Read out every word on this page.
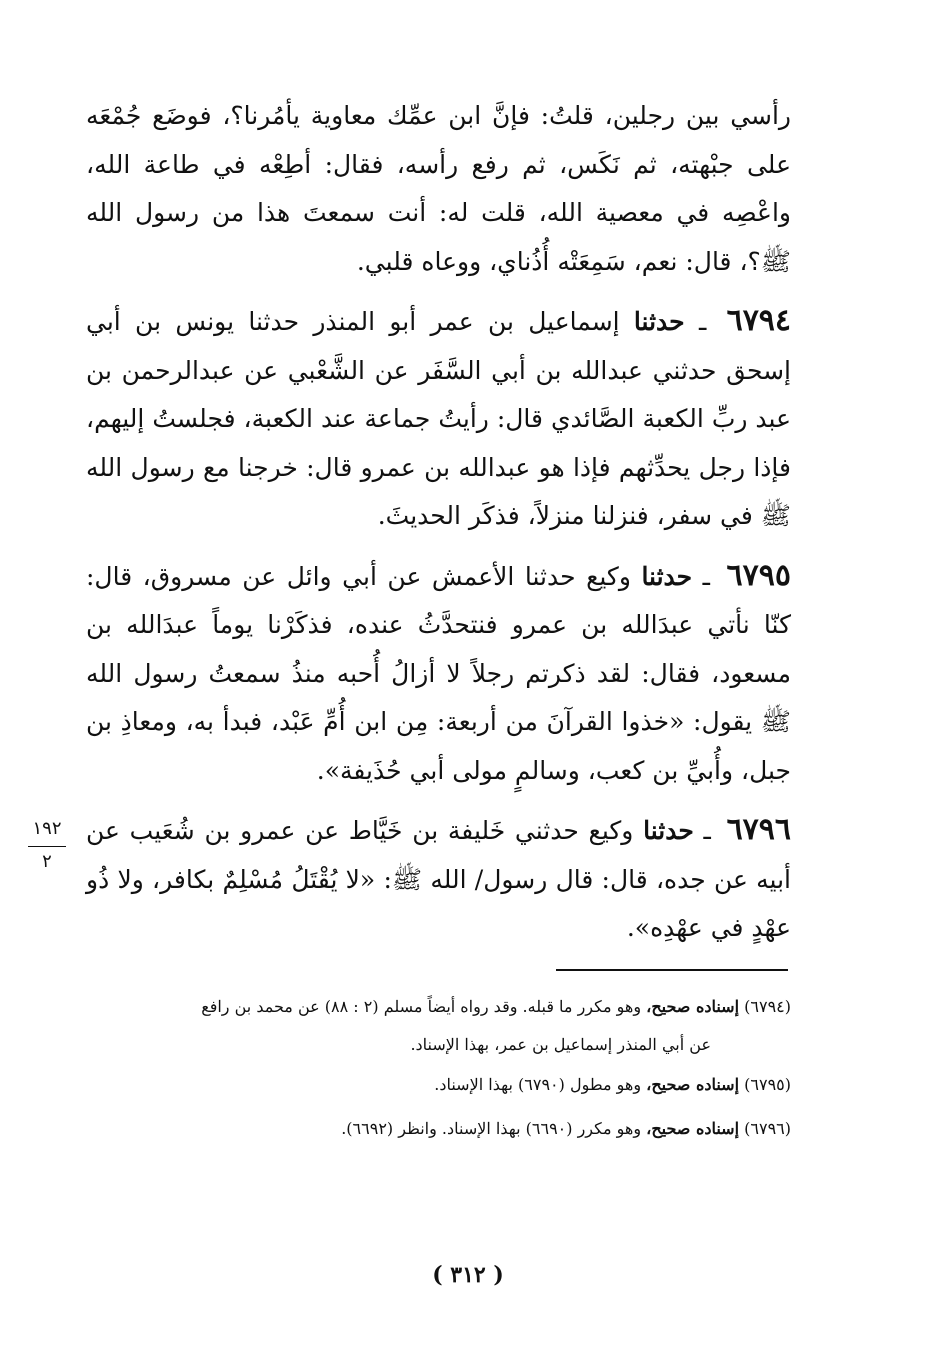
رأسي بين رجلين، قلتُ: فإنَّ ابن عمِّك معاوية يأمُرنا؟، فوضَع جُمْعَه على جبْهته، ثم نَكَس، ثم رفع رأسه، فقال: أطِعْه في طاعة الله، واعْصِه في معصية الله، قلت له: أنت سمعتَ هذا من رسول الله ﷺ؟، قال: نعم، سَمِعَتْه أُذُناي، ووعاه قلبي.

٦٧٩٤ ـ حدثنا إسماعيل بن عمر أبو المنذر حدثنا يونس بن أبي إسحق حدثني عبدالله بن أبي السَّفَر عن الشَّعْبي عن عبدالرحمن بن عبد ربِّ الكعبة الصَّائدي قال: رأيتُ جماعة عند الكعبة، فجلستُ إليهم، فإذا رجل يحدِّثهم فإذا هو عبدالله بن عمرو قال: خرجنا مع رسول الله ﷺ في سفر، فنزلنا منزلاً، فذكَر الحديثَ.

٦٧٩٥ ـ حدثنا وكيع حدثنا الأعمش عن أبي وائل عن مسروق، قال: كنّا نأتي عبدَالله بن عمرو فنتحدَّثُ عنده، فذكَرْنا يوماً عبدَالله بن مسعود، فقال: لقد ذكرتم رجلاً لا أزالُ أُحبه منذُ سمعتُ رسول الله ﷺ يقول: «خذوا القرآنَ من أربعة: مِن ابن أُمِّ عَبْد، فبدأ به، ومعاذِ بن جبل، وأُبيِّ بن كعب، وسالمٍ مولى أبي حُذَيفة».

٦٧٩٦ ـ حدثنا وكيع حدثني خَليفة بن خَيَّاط عن عمرو بن شُعَيب عن أبيه عن جده، قال: قال رسول/ الله ﷺ: «لا يُقْتَلُ مُسْلِمٌ بكافر، ولا ذُو عهْدٍ في عهْدِه».

١٩٢
٢

(٦٧٩٤) إسناده صحيح، وهو مكرر ما قبله. وقد رواه أيضاً مسلم (٢ : ٨٨) عن محمد بن رافع
عن أبي المنذر إسماعيل بن عمر، بهذا الإسناد.

(٦٧٩٥) إسناده صحيح، وهو مطول (٦٧٩٠) بهذا الإسناد.

(٦٧٩٦) إسناده صحيح، وهو مكرر (٦٦٩٠) بهذا الإسناد. وانظر (٦٦٩٢).

( ٣١٢ )
